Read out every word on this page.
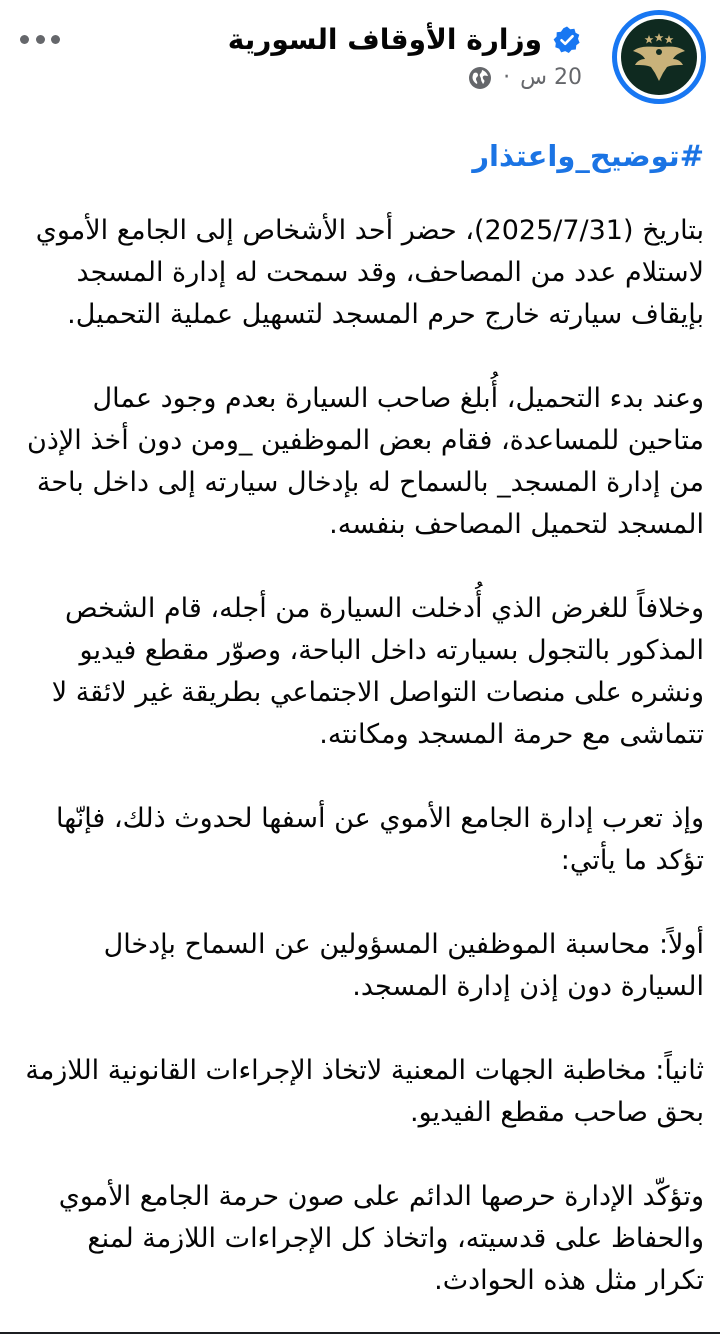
وزارة الأوقاف السورية
20 س
·
#توضيح_واعتذار

بتاريخ (2025/7/31)، حضر أحد الأشخاص إلى الجامع الأموي لاستلام عدد من المصاحف، وقد سمحت له إدارة المسجد بإيقاف سيارته خارج حرم المسجد لتسهيل عملية التحميل.

وعند بدء التحميل، أُبلغ صاحب السيارة بعدم وجود عمال متاحين للمساعدة، فقام بعض الموظفين _ومن دون أخذ الإذن من إدارة المسجد_ بالسماح له بإدخال سيارته إلى داخل باحة المسجد لتحميل المصاحف بنفسه.

وخلافاً للغرض الذي أُدخلت السيارة من أجله، قام الشخص المذكور بالتجول بسيارته داخل الباحة، وصوّر مقطع فيديو ونشره على منصات التواصل الاجتماعي بطريقة غير لائقة لا تتماشى مع حرمة المسجد ومكانته.

وإذ تعرب إدارة الجامع الأموي عن أسفها لحدوث ذلك، فإنّها تؤكد ما يأتي:

أولاً: محاسبة الموظفين المسؤولين عن السماح بإدخال السيارة دون إذن إدارة المسجد.

ثانياً: مخاطبة الجهات المعنية لاتخاذ الإجراءات القانونية اللازمة بحق صاحب مقطع الفيديو.

وتؤكّد الإدارة حرصها الدائم على صون حرمة الجامع الأموي والحفاظ على قدسيته، واتخاذ كل الإجراءات اللازمة لمنع تكرار مثل هذه الحوادث.
